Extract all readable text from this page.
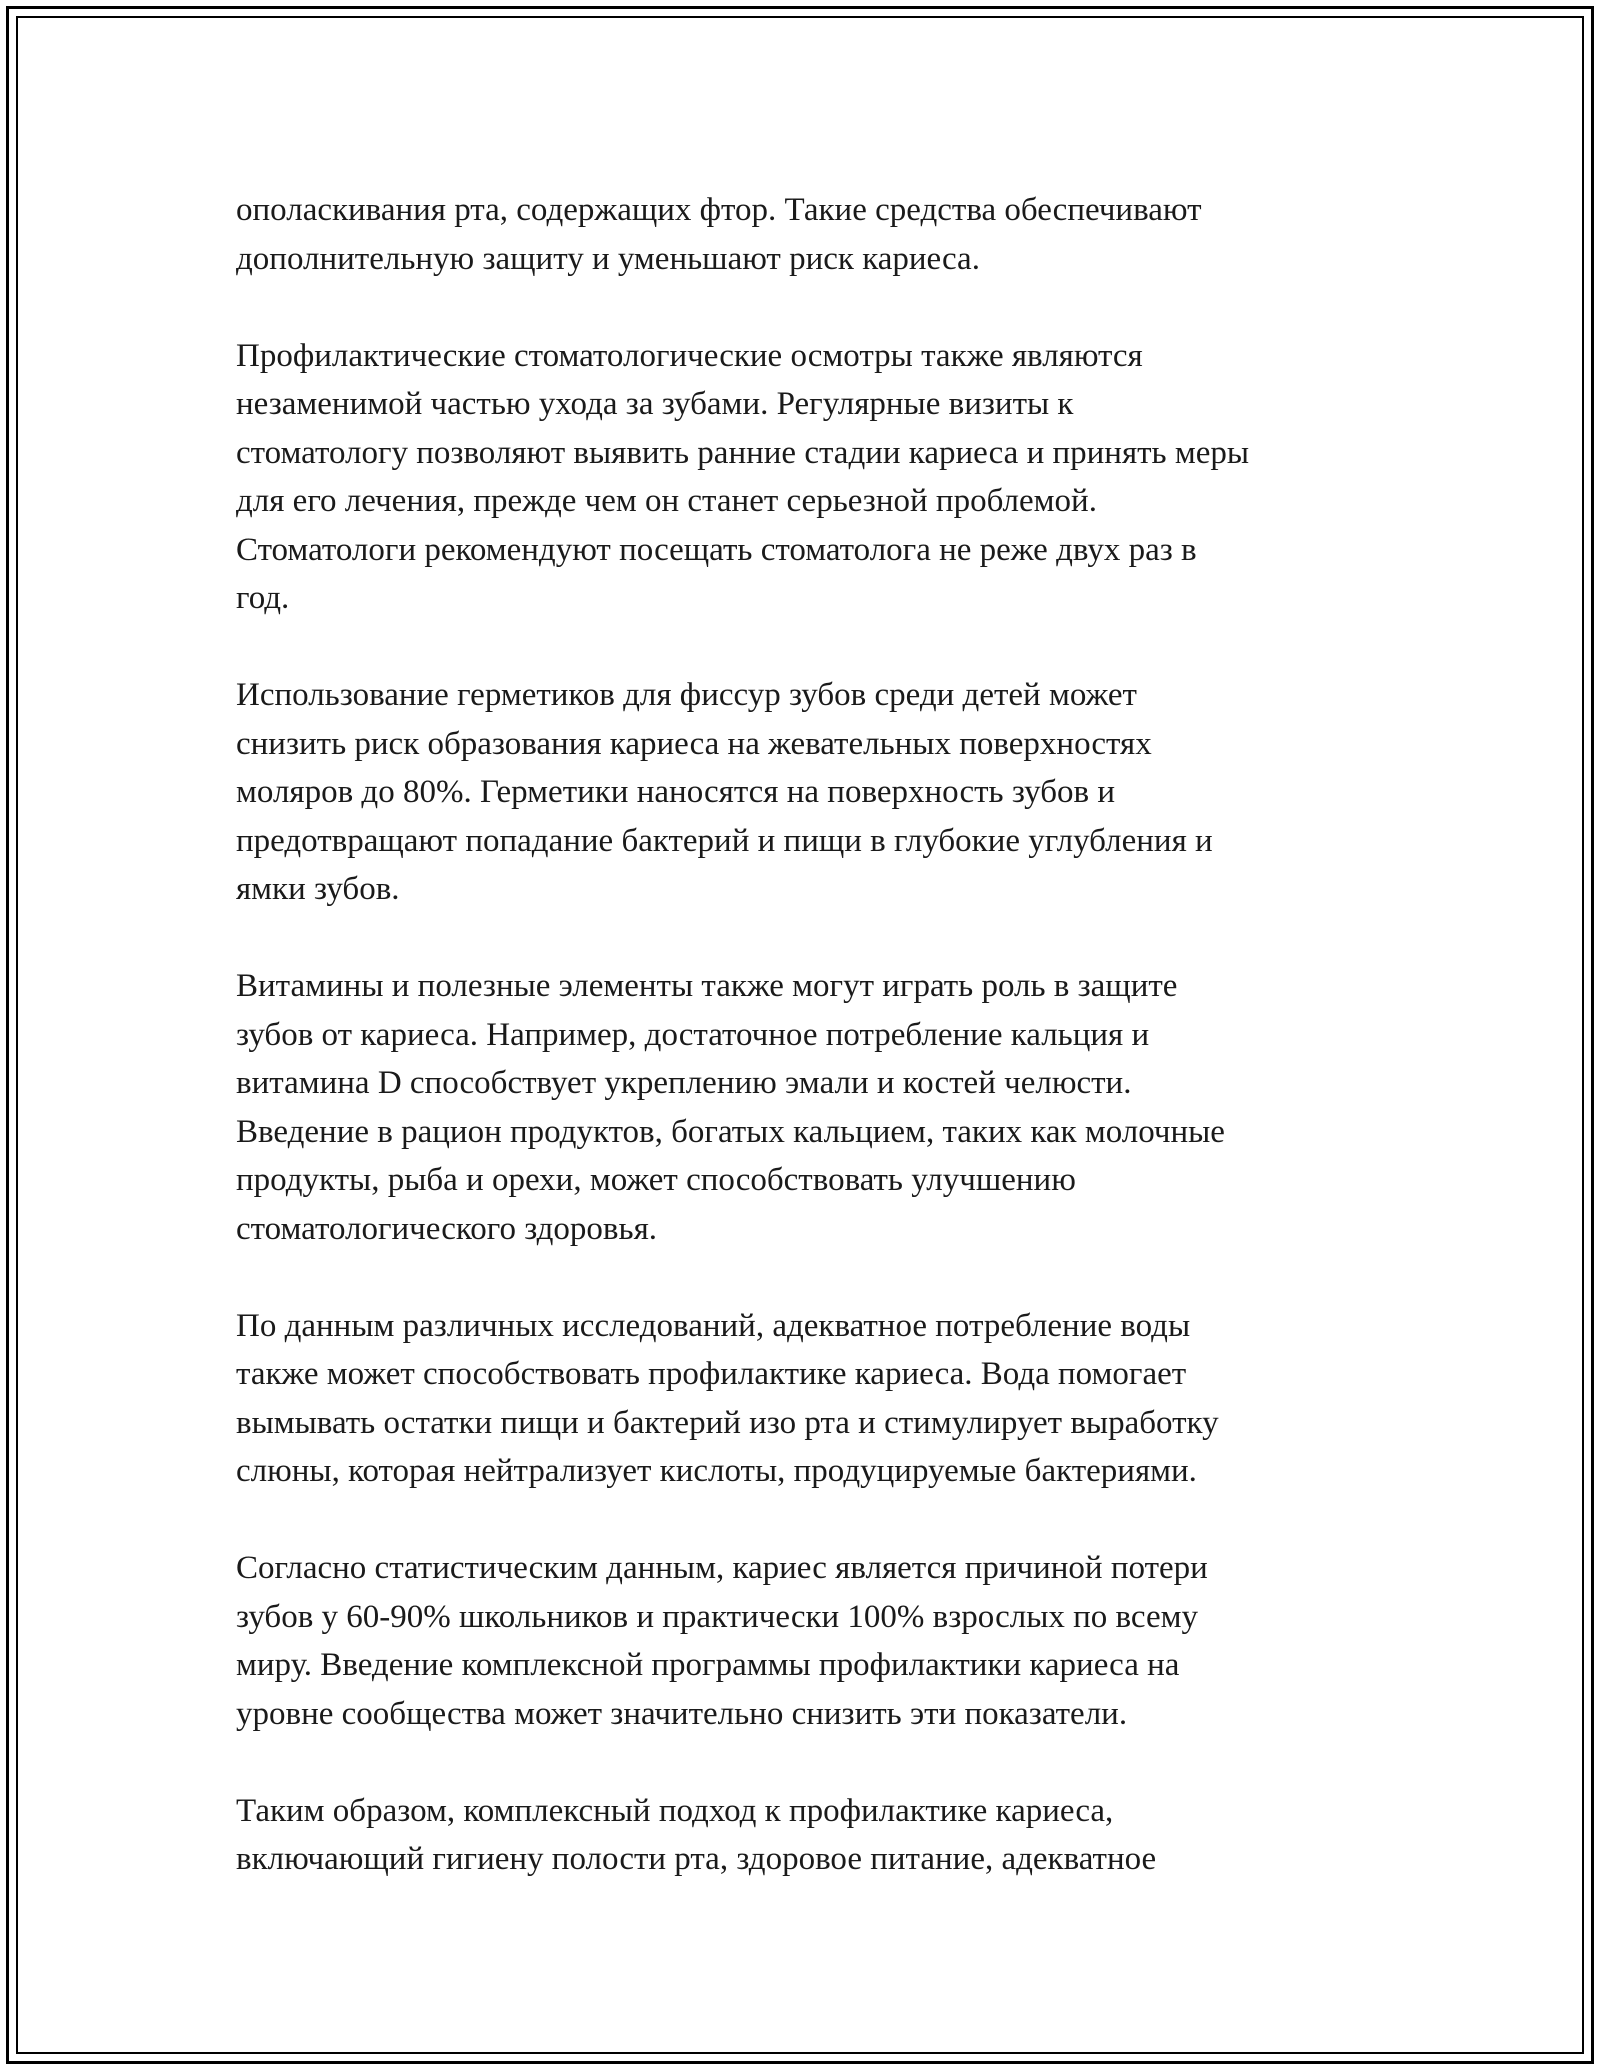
ополаскивания рта, содержащих фтор. Такие средства обеспечивают
дополнительную защиту и уменьшают риск кариеса.

Профилактические стоматологические осмотры также являются
незаменимой частью ухода за зубами. Регулярные визиты к
стоматологу позволяют выявить ранние стадии кариеса и принять меры
для его лечения, прежде чем он станет серьезной проблемой.
Стоматологи рекомендуют посещать стоматолога не реже двух раз в
год.

Использование герметиков для фиссур зубов среди детей может
снизить риск образования кариеса на жевательных поверхностях
моляров до 80%. Герметики наносятся на поверхность зубов и
предотвращают попадание бактерий и пищи в глубокие углубления и
ямки зубов.

Витамины и полезные элементы также могут играть роль в защите
зубов от кариеса. Например, достаточное потребление кальция и
витамина D способствует укреплению эмали и костей челюсти.
Введение в рацион продуктов, богатых кальцием, таких как молочные
продукты, рыба и орехи, может способствовать улучшению
стоматологического здоровья.

По данным различных исследований, адекватное потребление воды
также может способствовать профилактике кариеса. Вода помогает
вымывать остатки пищи и бактерий изо рта и стимулирует выработку
слюны, которая нейтрализует кислоты, продуцируемые бактериями.

Согласно статистическим данным, кариес является причиной потери
зубов у 60-90% школьников и практически 100% взрослых по всему
миру. Введение комплексной программы профилактики кариеса на
уровне сообщества может значительно снизить эти показатели.

Таким образом, комплексный подход к профилактике кариеса,
включающий гигиену полости рта, здоровое питание, адекватное
